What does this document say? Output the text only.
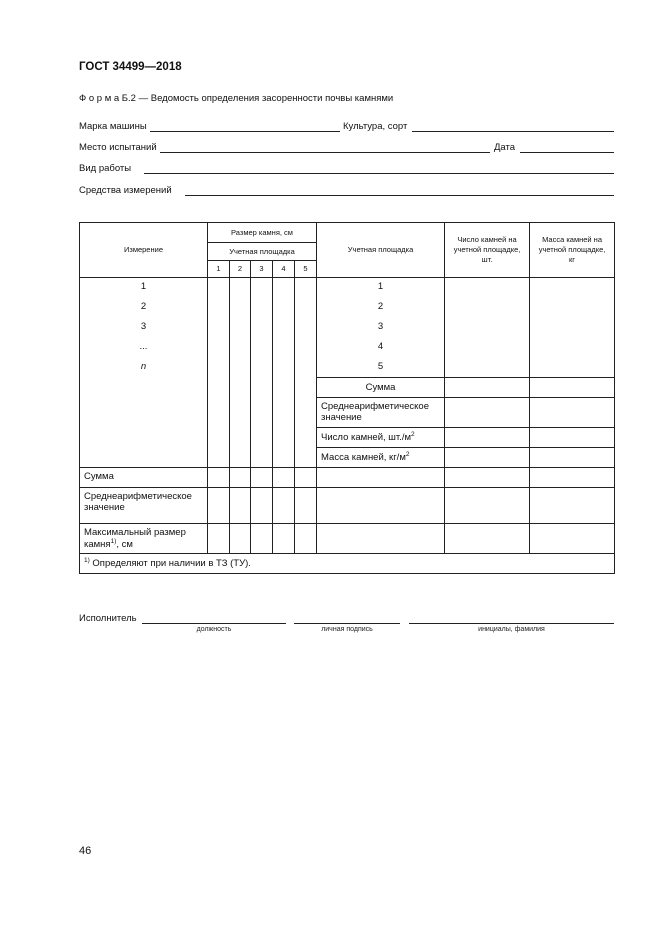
ГОСТ 34499—2018
Ф о р м а Б.2 — Ведомость определения засоренности почвы камнями
Марка машины	Культура, сорт
Место испытаний	Дата
Вид работы
Средства измерений
Измерение	Размер камня, см					Учетная площадка	Число камней на учетной площадке, шт.	Масса камней на учетной площадке, кг
	Учетная площадка							
	1	2	3	4	5			
1						1		
2						2		
3						3		
...						4		
n						5		
						Сумма		
						Среднеарифметическое значение		
						Число камней, $шт./м^2$		
						Масса камней, $кг/м^2$		
Сумма								
Среднеарифметическое значение								
Максимальный размер камня$^{1)}$, см								
$^{1)}$ Определяют при наличии в ТЗ (ТУ).								
Исполнитель
должность	личная подпись	инициалы, фамилия
46
